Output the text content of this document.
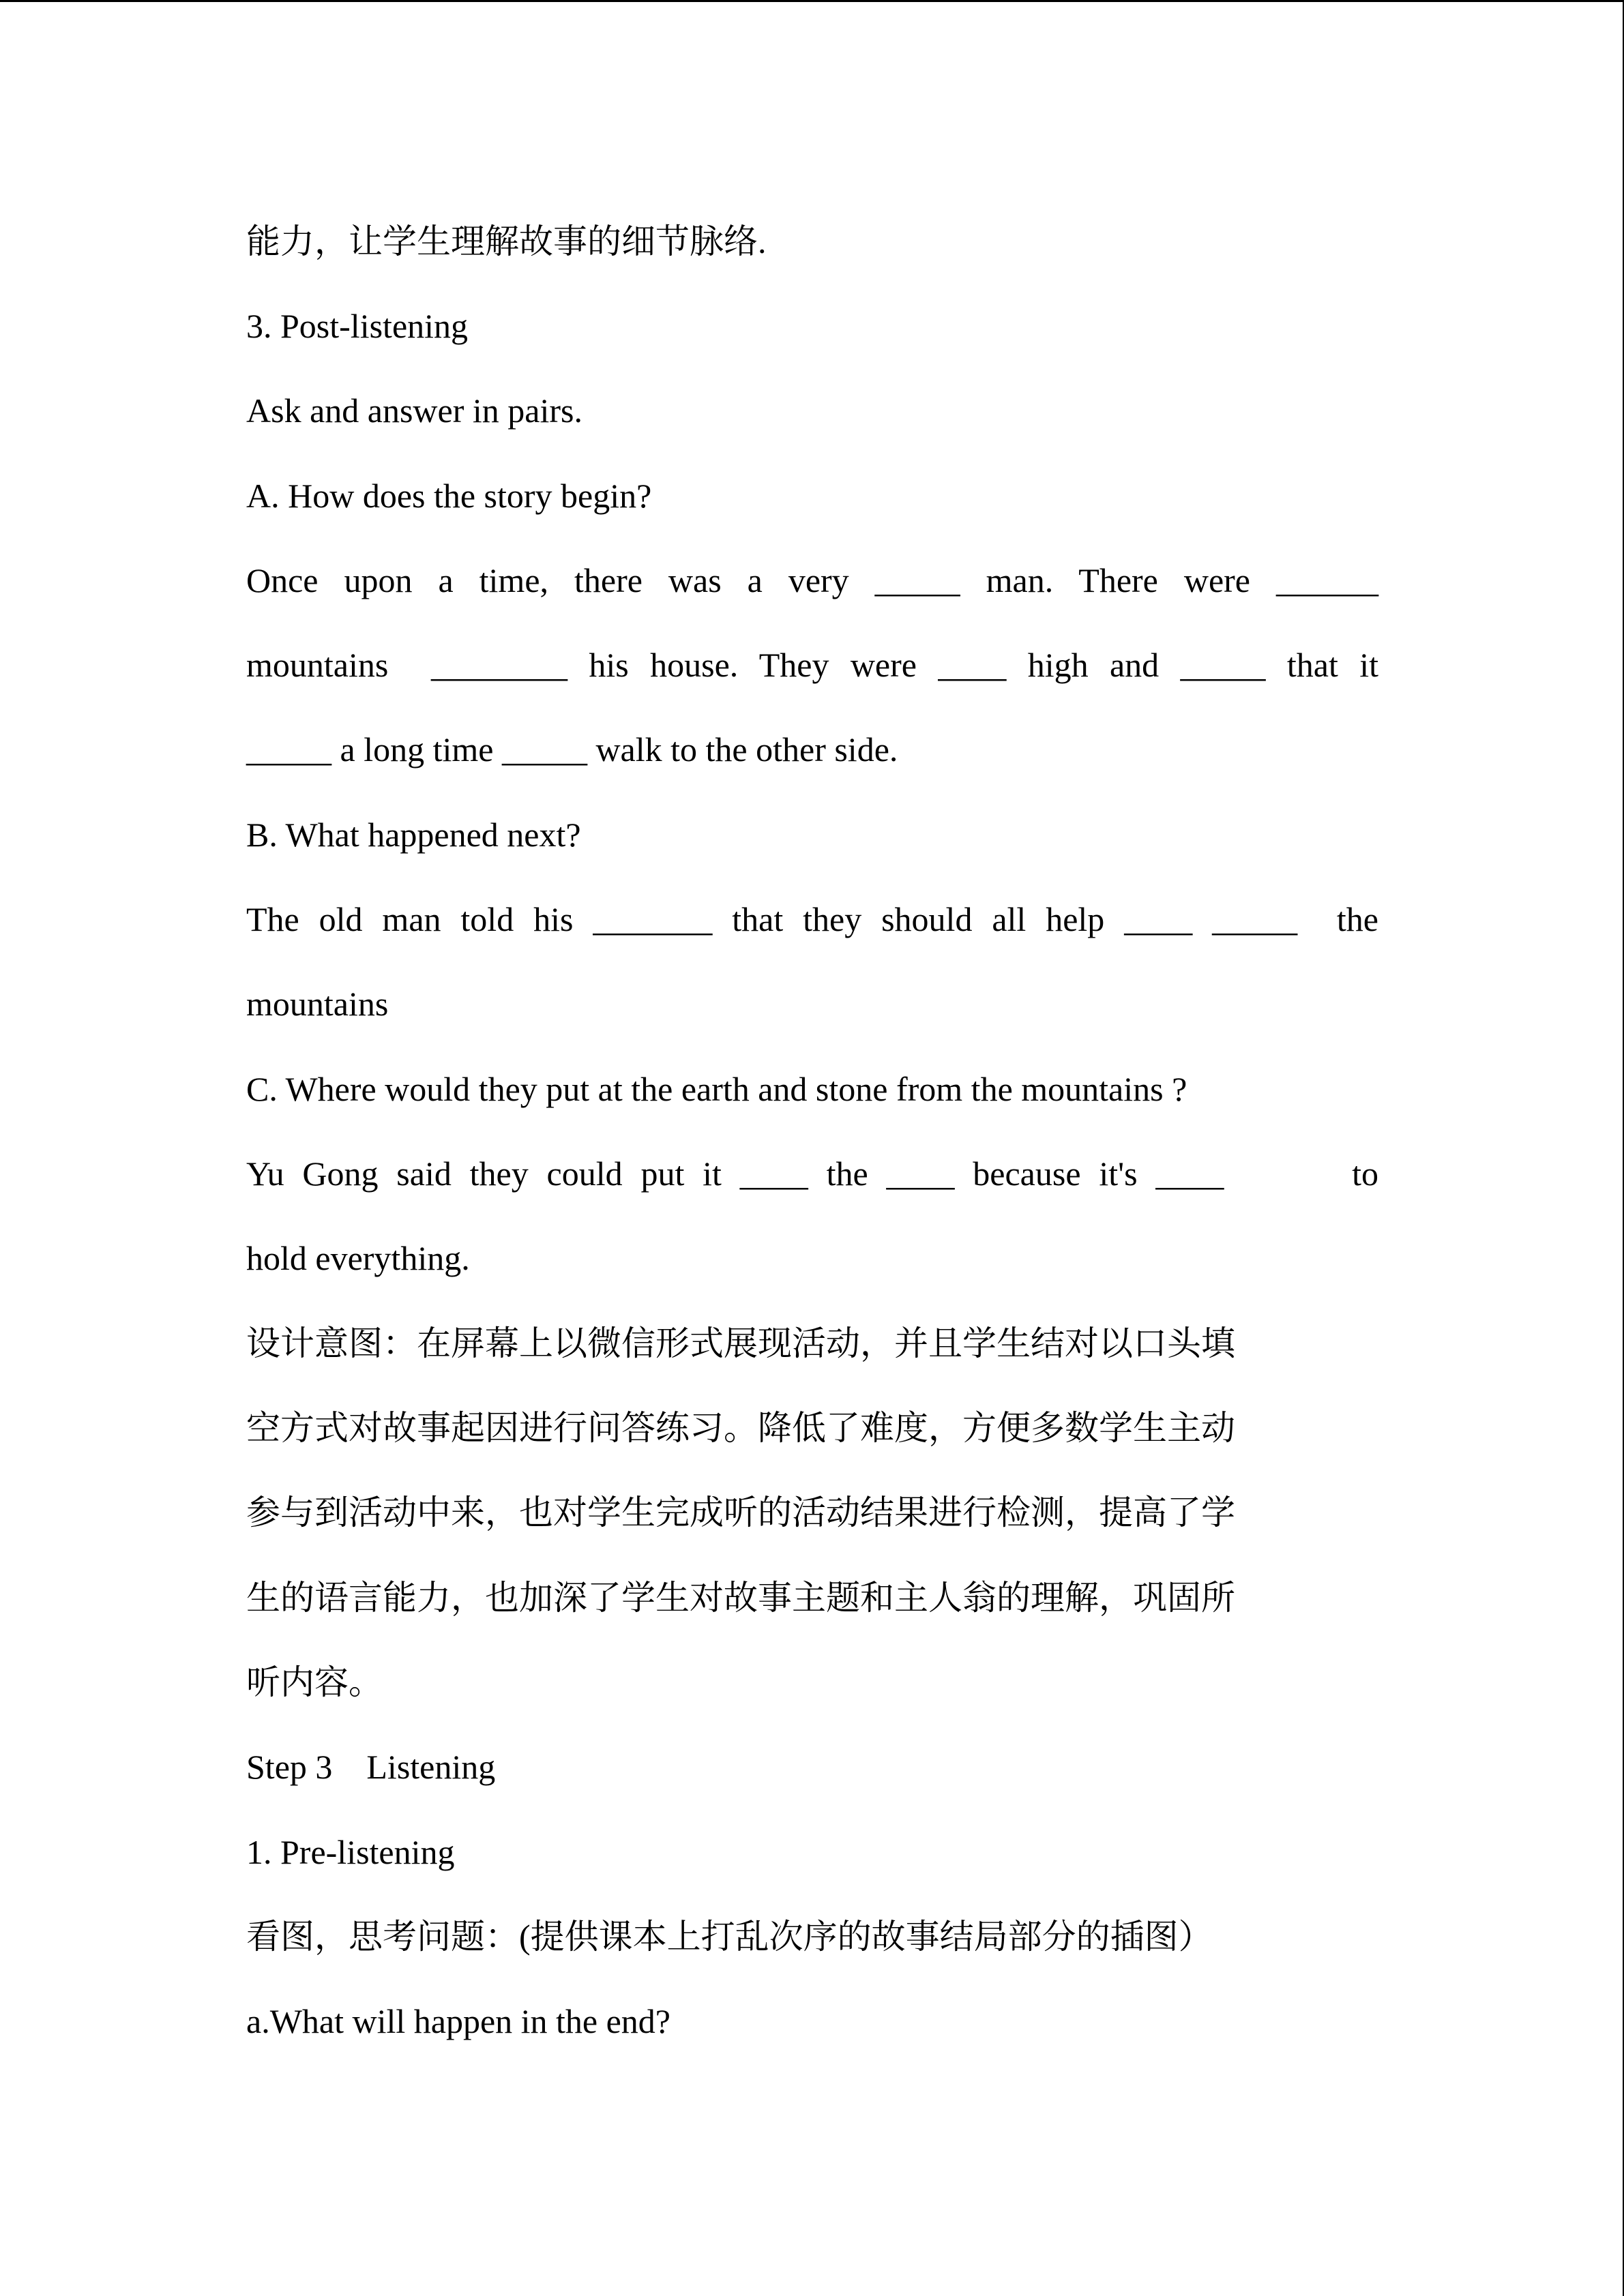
能力，让学生理解故事的细节脉络.
3. Post-listening
Ask and answer in pairs.
A. How does the story begin?
Once upon a time, there was a very _____ man. There were ______
mountains  ________ his house. They were ____ high and _____ that it
_____ a long time _____ walk to the other side.
B. What happened next?
The old man told his _______ that they should all help ____ _____  the
mountains
C. Where would they put at the earth and stone from the mountains ?
Yu Gong said they could put it ____ the ____ because it's ____       to
hold everything.
设计意图：在屏幕上以微信形式展现活动，并且学生结对以口头填
空方式对故事起因进行问答练习。降低了难度，方便多数学生主动
参与到活动中来，也对学生完成听的活动结果进行检测，提高了学
生的语言能力，也加深了学生对故事主题和主人翁的理解，巩固所
听内容。
Step 3    Listening
1. Pre-listening
看图，思考问题：(提供课本上打乱次序的故事结局部分的插图）
a.What will happen in the end?
